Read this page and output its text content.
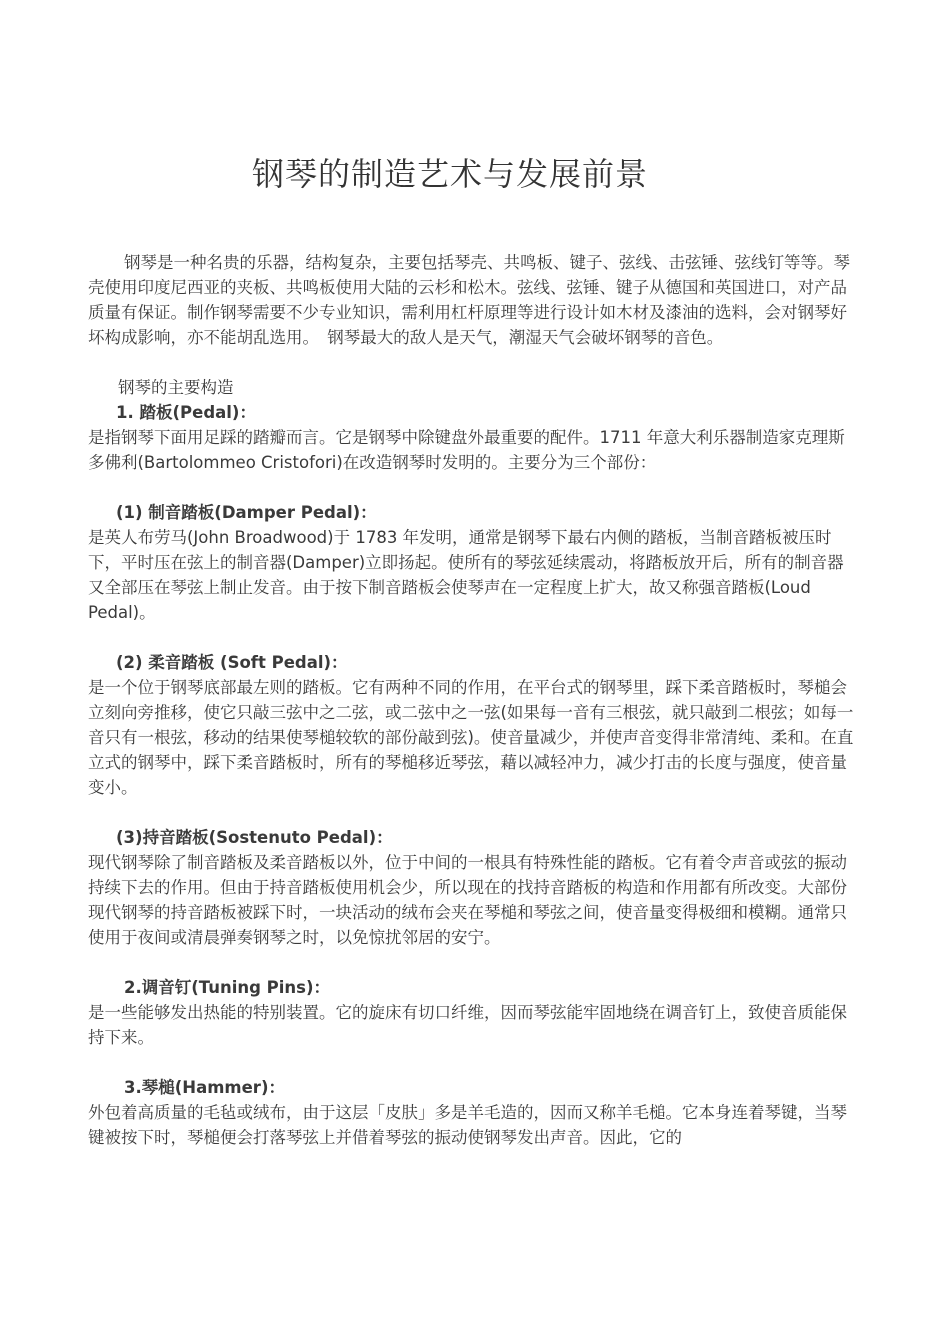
钢琴的制造艺术与发展前景

钢琴是一种名贵的乐器，结构复杂，主要包括琴壳、共鸣板、键子、弦线、击弦锤、弦线钉等等。琴壳使用印度尼西亚的夹板、共鸣板使用大陆的云杉和松木。弦线、弦锤、键子从德国和英国进口，对产品质量有保证。制作钢琴需要不少专业知识，需利用杠杆原理等进行设计如木材及漆油的选料，会对钢琴好坏构成影响，亦不能胡乱选用。　钢琴最大的敌人是天气，潮湿天气会破坏钢琴的音色。

钢琴的主要构造

1. 踏板(Pedal)：

是指钢琴下面用足踩的踏瓣而言。它是钢琴中除键盘外最重要的配件。1711 年意大利乐器制造家克理斯多佛利(Bartolommeo Cristofori)在改造钢琴时发明的。主要分为三个部份：

(1) 制音踏板(Damper Pedal)：

是英人布劳马(John Broadwood)于 1783 年发明，通常是钢琴下最右内侧的踏板，当制音踏板被压时下，平时压在弦上的制音器(Damper)立即扬起。使所有的琴弦延续震动，将踏板放开后，所有的制音器又全部压在琴弦上制止发音。由于按下制音踏板会使琴声在一定程度上扩大，故又称强音踏板(Loud Pedal)。

(2) 柔音踏板 (Soft Pedal)：

是一个位于钢琴底部最左则的踏板。它有两种不同的作用，在平台式的钢琴里，踩下柔音踏板时，琴槌会立刻向旁推移，使它只敲三弦中之二弦，或二弦中之一弦(如果每一音有三根弦，就只敲到二根弦；如每一音只有一根弦，移动的结果使琴槌较软的部份敲到弦)。使音量减少，并使声音变得非常清纯、柔和。在直立式的钢琴中，踩下柔音踏板时，所有的琴槌移近琴弦，藉以减轻冲力，减少打击的长度与强度，使音量变小。

(3)持音踏板(Sostenuto Pedal)：

现代钢琴除了制音踏板及柔音踏板以外，位于中间的一根具有特殊性能的踏板。它有着令声音或弦的振动持续下去的作用。但由于持音踏板使用机会少，所以现在的找持音踏板的构造和作用都有所改变。大部份现代钢琴的持音踏板被踩下时，一块活动的绒布会夹在琴槌和琴弦之间，使音量变得极细和模糊。通常只使用于夜间或清晨弹奏钢琴之时，以免惊扰邻居的安宁。

2.调音钉(Tuning Pins)：

是一些能够发出热能的特别装置。它的旋床有切口纤维，因而琴弦能牢固地绕在调音钉上，致使音质能保持下来。

3.琴槌(Hammer)：

外包着高质量的毛毡或绒布，由于这层「皮肤」多是羊毛造的，因而又称羊毛槌。它本身连着琴键，当琴键被按下时，琴槌便会打落琴弦上并借着琴弦的振动使钢琴发出声音。因此，它的
